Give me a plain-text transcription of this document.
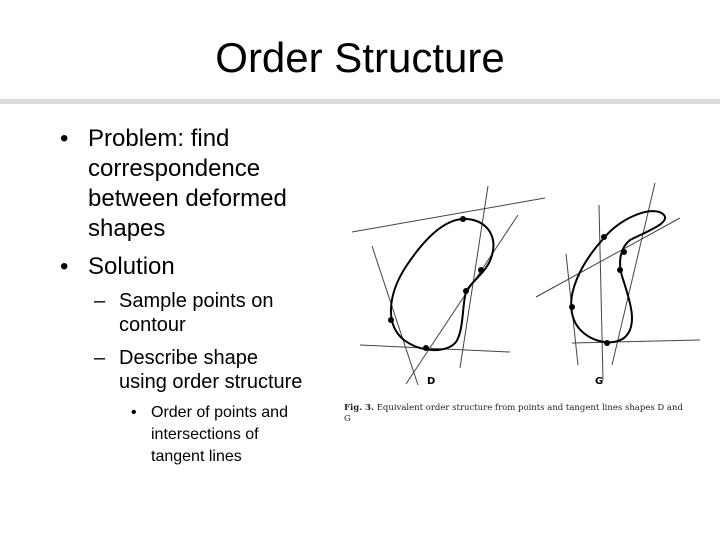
Order Structure
• Problem: find
correspondence
between deformed
shapes
• Solution
– Sample points on
contour
– Describe shape
using order structure
• Order of points and
intersections of
tangent lines
D	G
Fig. 3. Equivalent order structure from points and tangent lines shapes D and
G
